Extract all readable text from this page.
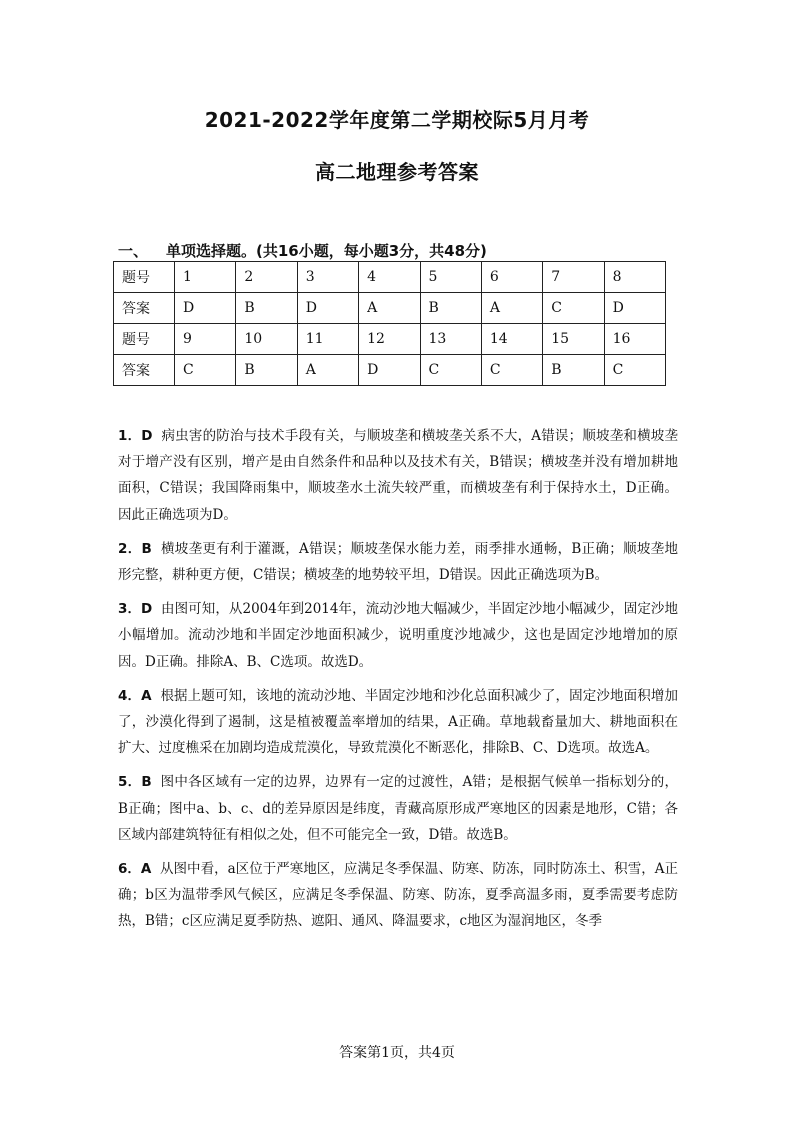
2021-2022学年度第二学期校际5月月考
高二地理参考答案
一、 单项选择题。(共16小题，每小题3分，共48分)
题号	1	2	3	4	5	6	7	8
答案	D	B	D	A	B	A	C	D
题号	9	10	11	12	13	14	15	16
答案	C	B	A	D	C	C	B	C

1．D 病虫害的防治与技术手段有关，与顺坡垄和横坡垄关系不大，A错误；顺坡垄和横坡垄对于增产没有区别，增产是由自然条件和品种以及技术有关，B错误；横坡垄并没有增加耕地面积，C错误；我国降雨集中，顺坡垄水土流失较严重，而横坡垄有利于保持水土，D正确。因此正确选项为D。

2．B 横坡垄更有利于灌溉，A错误；顺坡垄保水能力差，雨季排水通畅，B正确；顺坡垄地形完整，耕种更方便，C错误；横坡垄的地势较平坦，D错误。因此正确选项为B。

3．D 由图可知，从2004年到2014年，流动沙地大幅减少，半固定沙地小幅减少，固定沙地小幅增加。流动沙地和半固定沙地面积减少，说明重度沙地减少，这也是固定沙地增加的原因。D正确。排除A、B、C选项。故选D。

4．A 根据上题可知，该地的流动沙地、半固定沙地和沙化总面积减少了，固定沙地面积增加了，沙漠化得到了遏制，这是植被覆盖率增加的结果，A正确。草地载畜量加大、耕地面积在扩大、过度樵采在加剧均造成荒漠化，导致荒漠化不断恶化，排除B、C、D选项。故选A。

5．B 图中各区域有一定的边界，边界有一定的过渡性，A错；是根据气候单一指标划分的，B正确；图中a、b、c、d的差异原因是纬度，青藏高原形成严寒地区的因素是地形，C错；各区域内部建筑特征有相似之处，但不可能完全一致，D错。故选B。

6．A 从图中看，a区位于严寒地区，应满足冬季保温、防寒、防冻，同时防冻土、积雪，A正确；b区为温带季风气候区，应满足冬季保温、防寒、防冻，夏季高温多雨，夏季需要考虑防热，B错；c区应满足夏季防热、遮阳、通风、降温要求，c地区为湿润地区，冬季

答案第1页，共4页
